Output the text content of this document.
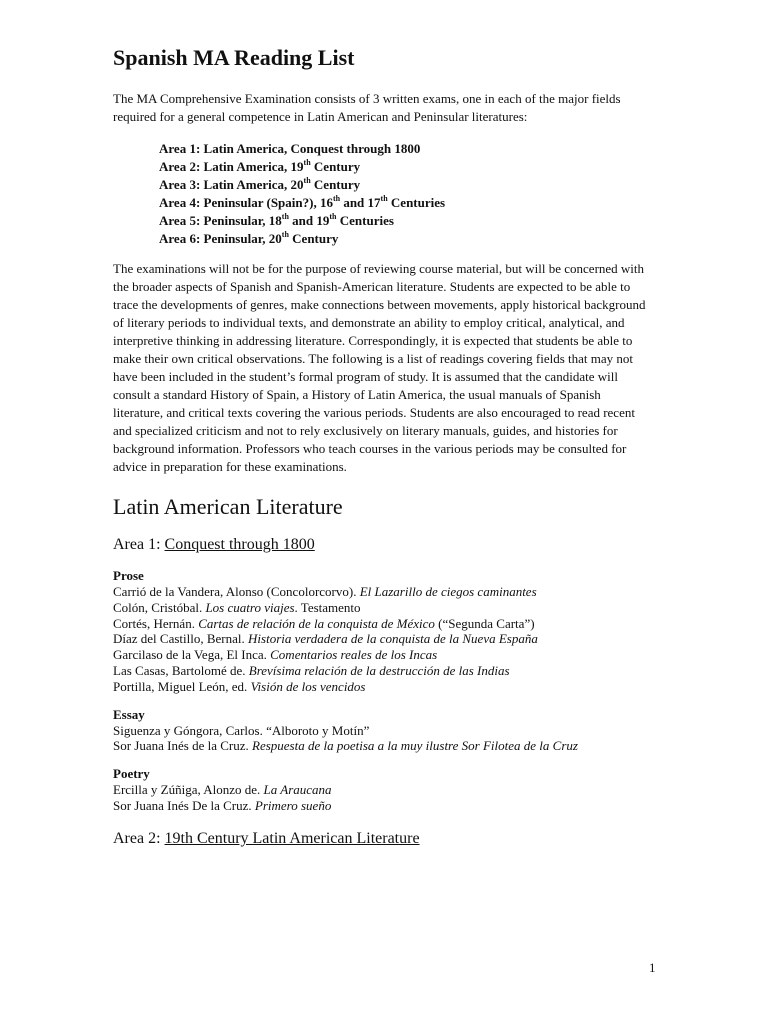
Spanish MA Reading List

The MA Comprehensive Examination consists of 3 written exams, one in each of the major fields required for a general competence in Latin American and Peninsular literatures:

Area 1: Latin America, Conquest through 1800
Area 2: Latin America, 19th Century
Area 3: Latin America, 20th Century
Area 4: Peninsular (Spain?), 16th and 17th Centuries
Area 5: Peninsular, 18th and 19th Centuries
Area 6: Peninsular, 20th Century

The examinations will not be for the purpose of reviewing course material, but will be concerned with the broader aspects of Spanish and Spanish-American literature. Students are expected to be able to trace the developments of genres, make connections between movements, apply historical background of literary periods to individual texts, and demonstrate an ability to employ critical, analytical, and interpretive thinking in addressing literature. Correspondingly, it is expected that students be able to make their own critical observations. The following is a list of readings covering fields that may not have been included in the student’s formal program of study. It is assumed that the candidate will consult a standard History of Spain, a History of Latin America, the usual manuals of Spanish literature, and critical texts covering the various periods. Students are also encouraged to read recent and specialized criticism and not to rely exclusively on literary manuals, guides, and histories for background information. Professors who teach courses in the various periods may be consulted for advice in preparation for these examinations.

Latin American Literature
Area 1: Conquest through 1800
Prose
Carrió de la Vandera, Alonso (Concolorcorvo). El Lazarillo de ciegos caminantes
Colón, Cristóbal. Los cuatro viajes. Testamento
Cortés, Hernán. Cartas de relación de la conquista de México (“Segunda Carta”)
Díaz del Castillo, Bernal. Historia verdadera de la conquista de la Nueva España
Garcilaso de la Vega, El Inca. Comentarios reales de los Incas
Las Casas, Bartolomé de. Brevísima relación de la destrucción de las Indias
Portilla, Miguel León, ed. Visión de los vencidos
Essay
Siguenza y Góngora, Carlos. “Alboroto y Motín”
Sor Juana Inés de la Cruz. Respuesta de la poetisa a la muy ilustre Sor Filotea de la Cruz
Poetry
Ercilla y Zúñiga, Alonzo de. La Araucana
Sor Juana Inés De la Cruz. Primero sueño
Area 2: 19th Century Latin American Literature
1
